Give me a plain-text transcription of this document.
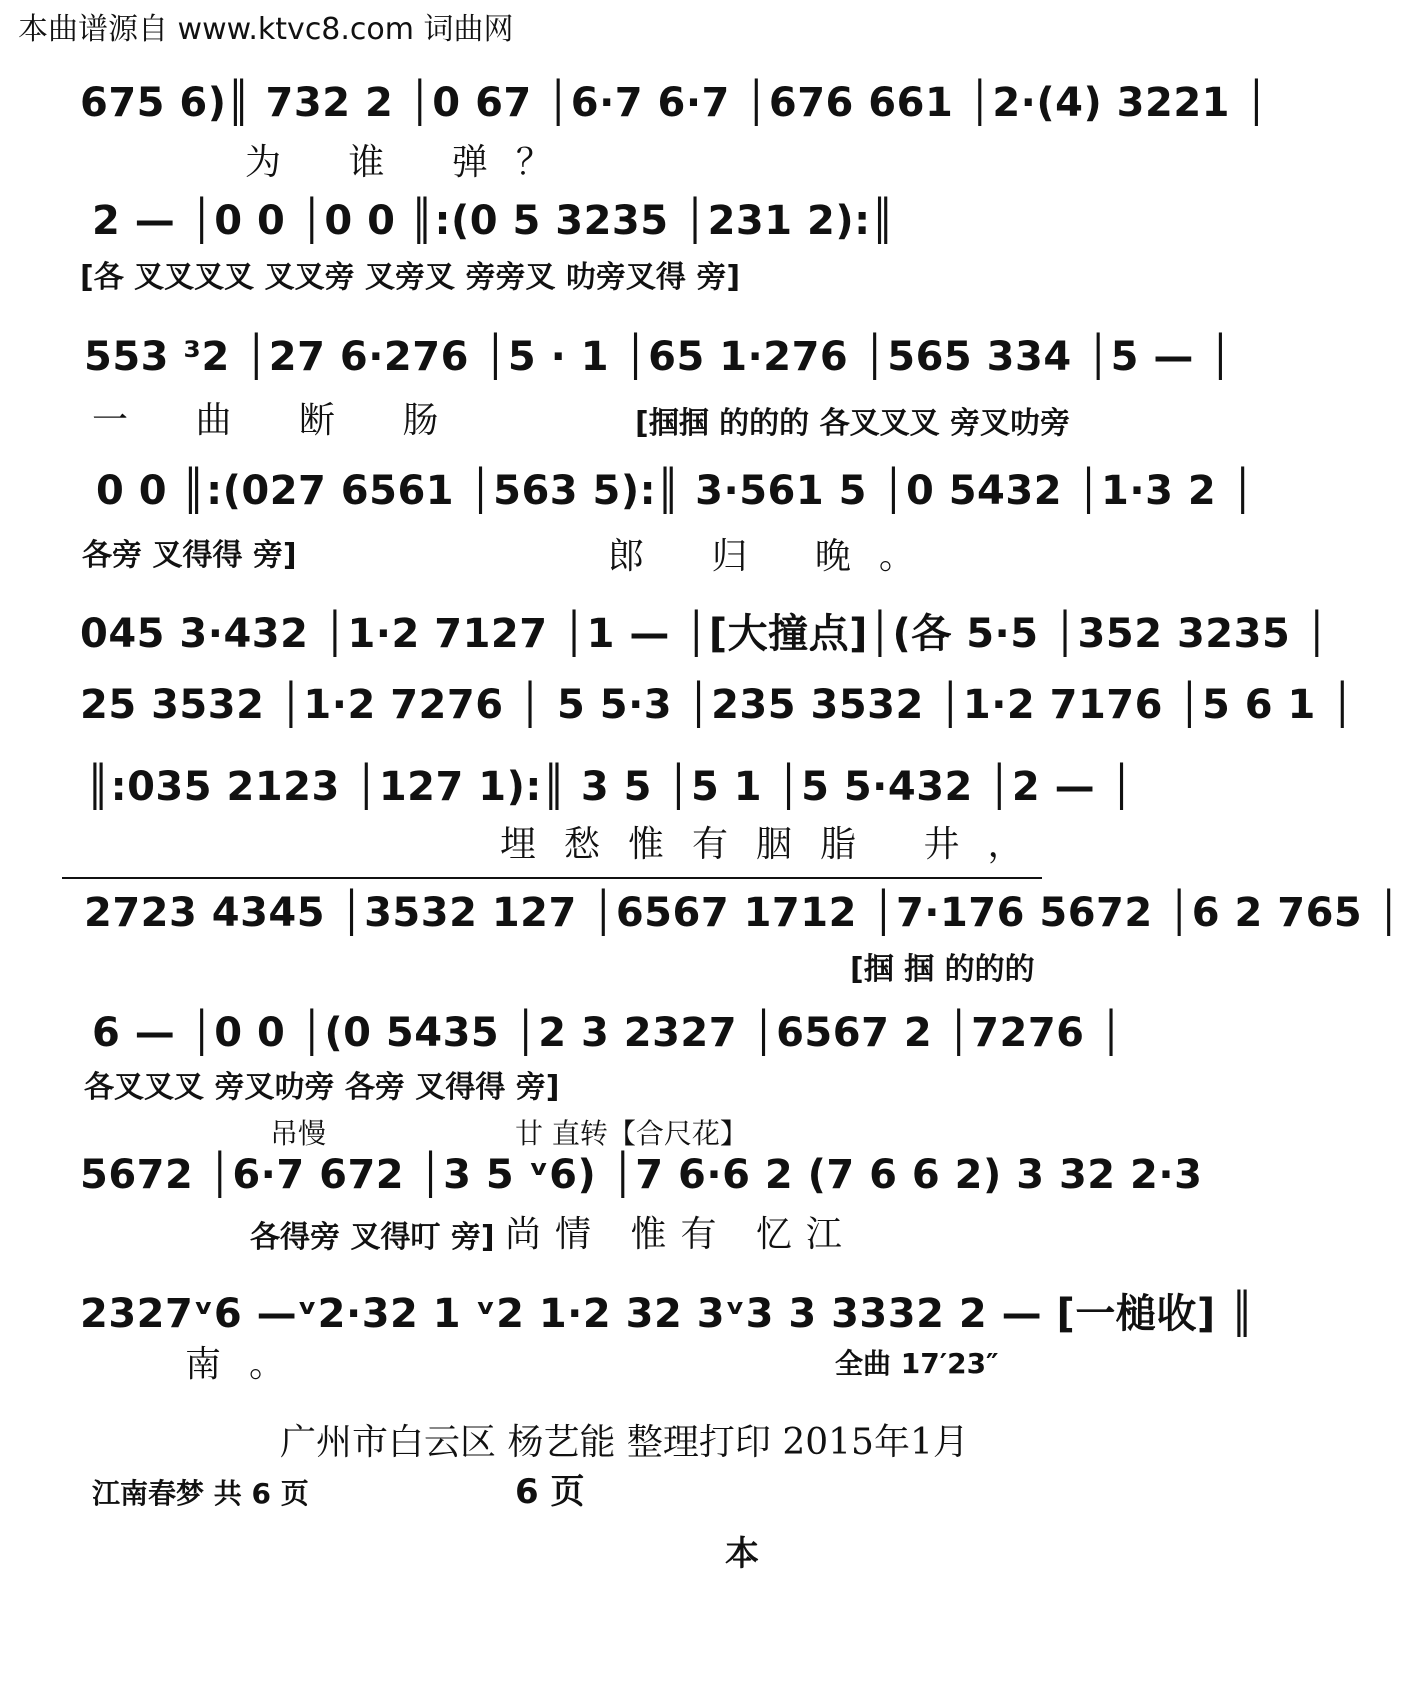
本曲谱源自 www.ktvc8.com 词曲网
675 6)║ 732 2 │0 67 │6·7 6·7 │676 661 │2·(4) 3221 │
为 谁 弹？
2 — │0 0 │0 0 ║:(0 5 3235 │231 2):║
[各 叉叉叉叉 叉叉旁 叉旁叉 旁旁叉 叻旁叉得 旁]
553 ³2 │27 6·276 │5 · 1 │65 1·276 │565 334 │5 — │
一 曲 断 肠	[掴掴 的的的 各叉叉叉 旁叉叻旁
0 0 ║:(027 6561 │563 5):║ 3·561 5 │0 5432 │1·3 2 │
各旁 叉得得 旁]	郎 归 晚。
045 3·432 │1·2 7127 │1 — │[大撞点]│(各 5·5 │352 3235 │
25 3532 │1·2 7276 │ 5 5·3 │235 3532 │1·2 7176 │5 6 1 │
║:035 2123 │127 1):║ 3 5 │5 1 │5 5·432 │2 — │
埋愁惟有胭脂 井，
2723 4345 │3532 127 │6567 1712 │7·176 5672 │6 2 765 │
[掴 掴 的的的
6 — │0 0 │(0 5435 │2 3 2327 │6567 2 │7276 │
各叉叉叉 旁叉叻旁 各旁 叉得得 旁]
吊慢	廿 直转【合尺花】
5672 │6·7 672 │3 5 ᵛ6) │7 6·6 2 (7 6 6 2) 3 32 2·3
各得旁 叉得叮 旁] 尚情 惟有 忆江
2327ᵛ6 —ᵛ2·32 1 ᵛ2 1·2 32 3ᵛ3 3 3332 2 — [一槌收] ║
南。	全曲 17′23″
广州市白云区 杨艺能 整理打印 2015年1月
江南春梦 共 6 页	6 页
本
